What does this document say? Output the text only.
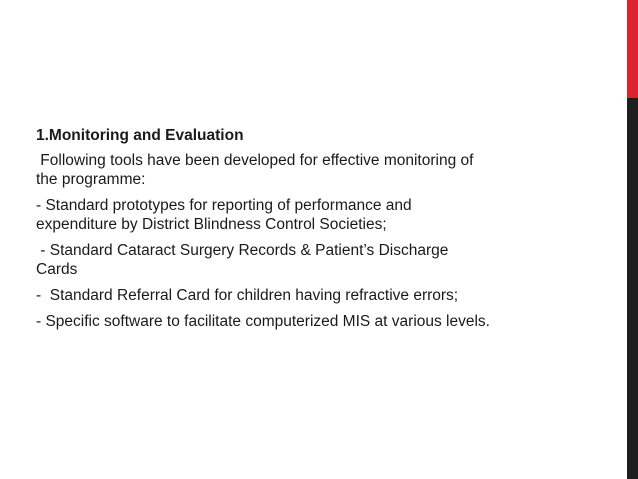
1.Monitoring and Evaluation
Following tools have been developed for effective monitoring of
the programme:
- Standard prototypes for reporting of performance and
expenditure by District Blindness Control Societies;
- Standard Cataract Surgery Records & Patient’s Discharge
Cards
-  Standard Referral Card for children having refractive errors;
- Specific software to facilitate computerized MIS at various levels.
